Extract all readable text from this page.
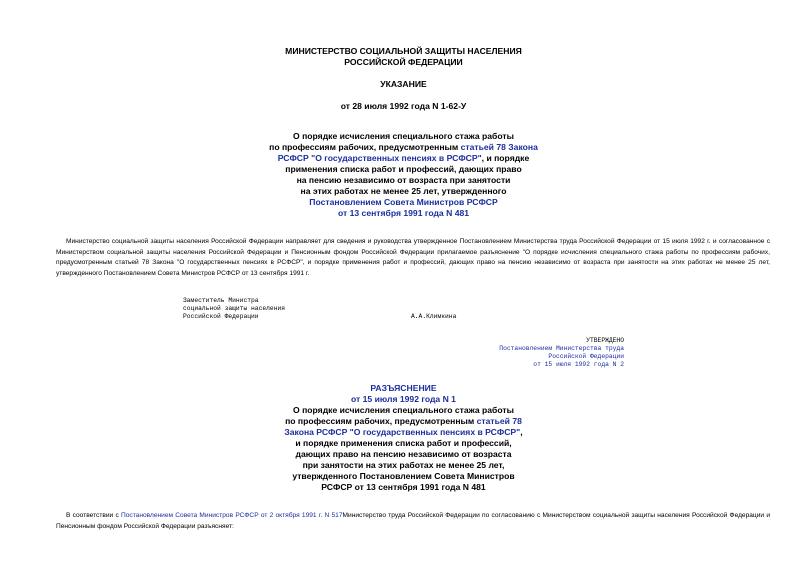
МИНИСТЕРСТВО СОЦИАЛЬНОЙ ЗАЩИТЫ НАСЕЛЕНИЯ
РОССИЙСКОЙ ФЕДЕРАЦИИ
УКАЗАНИЕ
от 28 июля 1992 года N 1-62-У
О порядке исчисления специального стажа работы
по профессиям рабочих, предусмотренным статьей 78 Закона
РСФСР "О государственных пенсиях в РСФСР", и порядке
применения списка работ и профессий, дающих право
на пенсию независимо от возраста при занятости
на этих работах не менее 25 лет, утвержденного
Постановлением Совета Министров РСФСР
от 13 сентября 1991 года N 481
Министерство социальной защиты населения Российской Федерации направляет для сведения и руководства утвержденное Постановлением Министерства труда Российской Федерации от 15 июля 1992 г. и согласованное с Министерством социальной защиты населения Российской Федерации и Пенсионным фондом Российской Федерации прилагаемое разъяснение "О порядке исчисления специального стажа работы по профессиям рабочих, предусмотренным статьей 78 Закона "О государственных пенсиях в РСФСР", и порядке применения работ и профессий, дающих право на пенсию независимо от возраста при занятости на этих работах не менее 25 лет, утвержденного Постановлением Совета Министров РСФСР от 13 сентября 1991 г.
Заместитель Министра
социальной защиты населения
Российской Федерации	А.А.Климкина
УТВЕРЖДЕНО
Постановлением Министерства труда
Российской Федерации
от 15 июля 1992 года N 2
РАЗЪЯСНЕНИЕ
от 15 июля 1992 года N 1
О порядке исчисления специального стажа работы
по профессиям рабочих, предусмотренным статьей 78
Закона РСФСР "О государственных пенсиях в РСФСР",
и порядке применения списка работ и профессий,
дающих право на пенсию независимо от возраста
при занятости на этих работах не менее 25 лет,
утвержденного Постановлением Совета Министров
РСФСР от 13 сентября 1991 года N 481
В соответствии с Постановлением Совета Министров РСФСР от 2 октября 1991 г. N 517Министерство труда Российской Федерации по согласованию с Министерством социальной защиты населения Российской Федерации и Пенсионным фондом Российской Федерации разъясняет:
